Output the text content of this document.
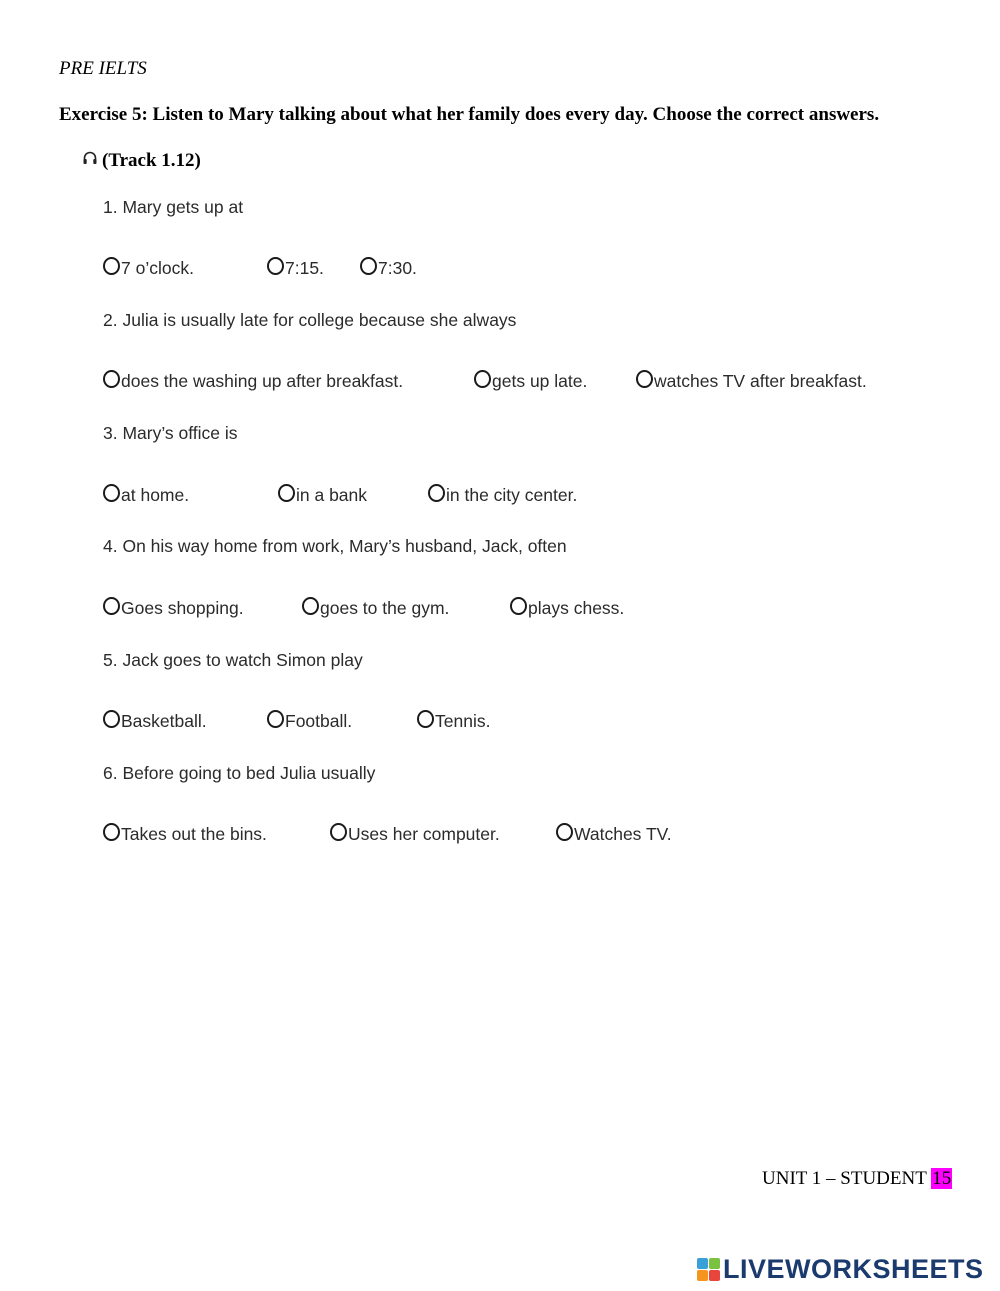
PRE IELTS
Exercise 5: Listen to Mary talking about what her family does every day. Choose the correct answers.
(Track 1.12)
1. Mary gets up at
7 o’clock.	7:15.	7:30.
2. Julia is usually late for college because she always
does the washing up after breakfast.	gets up late.	watches TV after breakfast.
3. Mary’s office is
at home.	in a bank	in the city center.
4. On his way home from work, Mary’s husband, Jack, often
Goes shopping.	goes to the gym.	plays chess.
5. Jack goes to watch Simon play
Basketball.	Football.	Tennis.
6. Before going to bed Julia usually
Takes out the bins.	Uses her computer.	Watches TV.
UNIT 1 – STUDENT 15
LIVEWORKSHEETS
